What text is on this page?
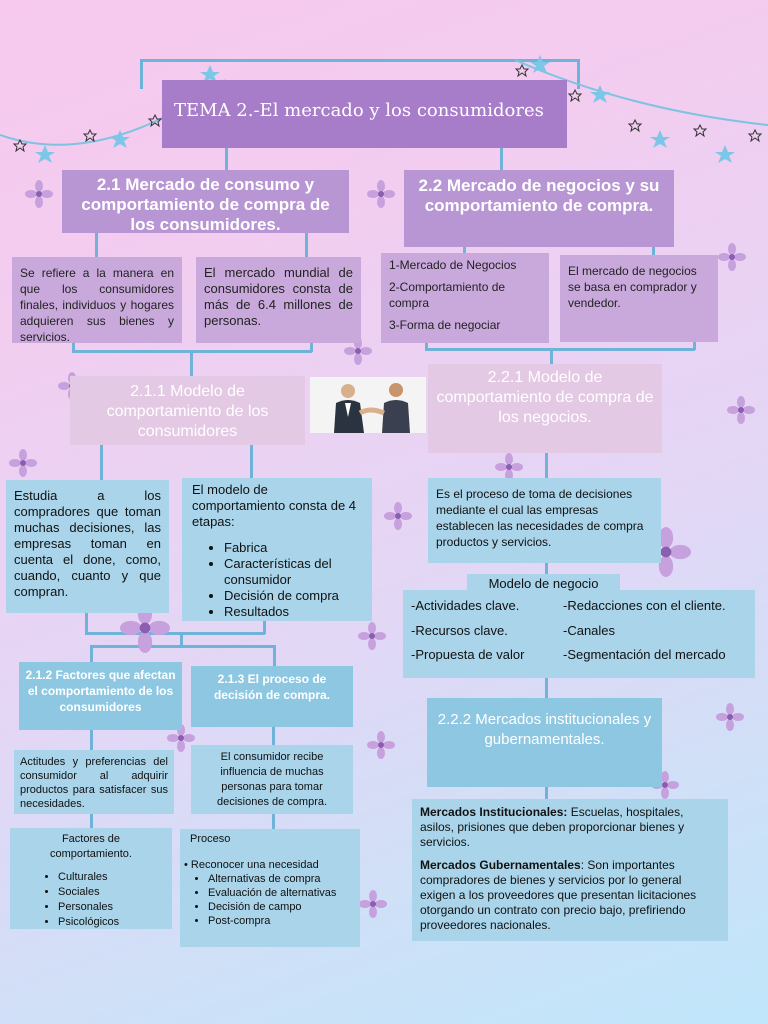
TEMA 2.-El mercado y los consumidores
2.1 Mercado de consumo y comportamiento de compra de los consumidores.
2.2 Mercado de negocios y su comportamiento de compra.
Se refiere a la manera en que los consumidores finales, individuos y hogares adquieren sus bienes y servicios.
El mercado mundial de consumidores consta de más de 6.4 millones de personas.

1-Mercado de Negocios

2-Comportamiento de compra

3-Forma de negociar

El mercado de negocios se basa en comprador y vendedor.
2.1.1 Modelo de comportamiento de los consumidores
2.2.1 Modelo de comportamiento de compra de los negocios.
Estudia a los compradores que toman muchas decisiones, las empresas toman en cuenta el done, como, cuando, cuanto y que compran.

El modelo de comportamiento consta de 4 etapas:

• Fabrica
• Características del consumidor
• Decisión de compra
• Resultados
Es el proceso de toma de decisiones mediante el cual las empresas establecen las necesidades de compra productos y servicios.

-Actividades clave.

-Recursos clave.

-Propuesta de valor

-Redacciones con el cliente.

-Canales

-Segmentación del mercado

Modelo de negocio
2.1.2 Factores que afectan el comportamiento de los consumidores
2.1.3 El proceso de decisión de compra.
2.2.2 Mercados institucionales y gubernamentales.
Actitudes y preferencias del consumidor al adquirir productos para satisfacer sus necesidades.
El consumidor recibe influencia de muchas personas para tomar decisiones de compra.

Mercados Institucionales: Escuelas, hospitales, asilos, prisiones que deben proporcionar bienes y servicios.

Mercados Gubernamentales: Son importantes compradores de bienes y servicios por lo general exigen a los proveedores que presentan licitaciones otorgando un contrato con precio bajo, prefiriendo proveedores nacionales.

Factores de comportamiento.

• Culturales
• Sociales
• Personales
• Psicológicos

Proceso

• Reconocer una necesidad

• Alternativas de compra
• Evaluación de alternativas
• Decisión de campo
• Post-compra
